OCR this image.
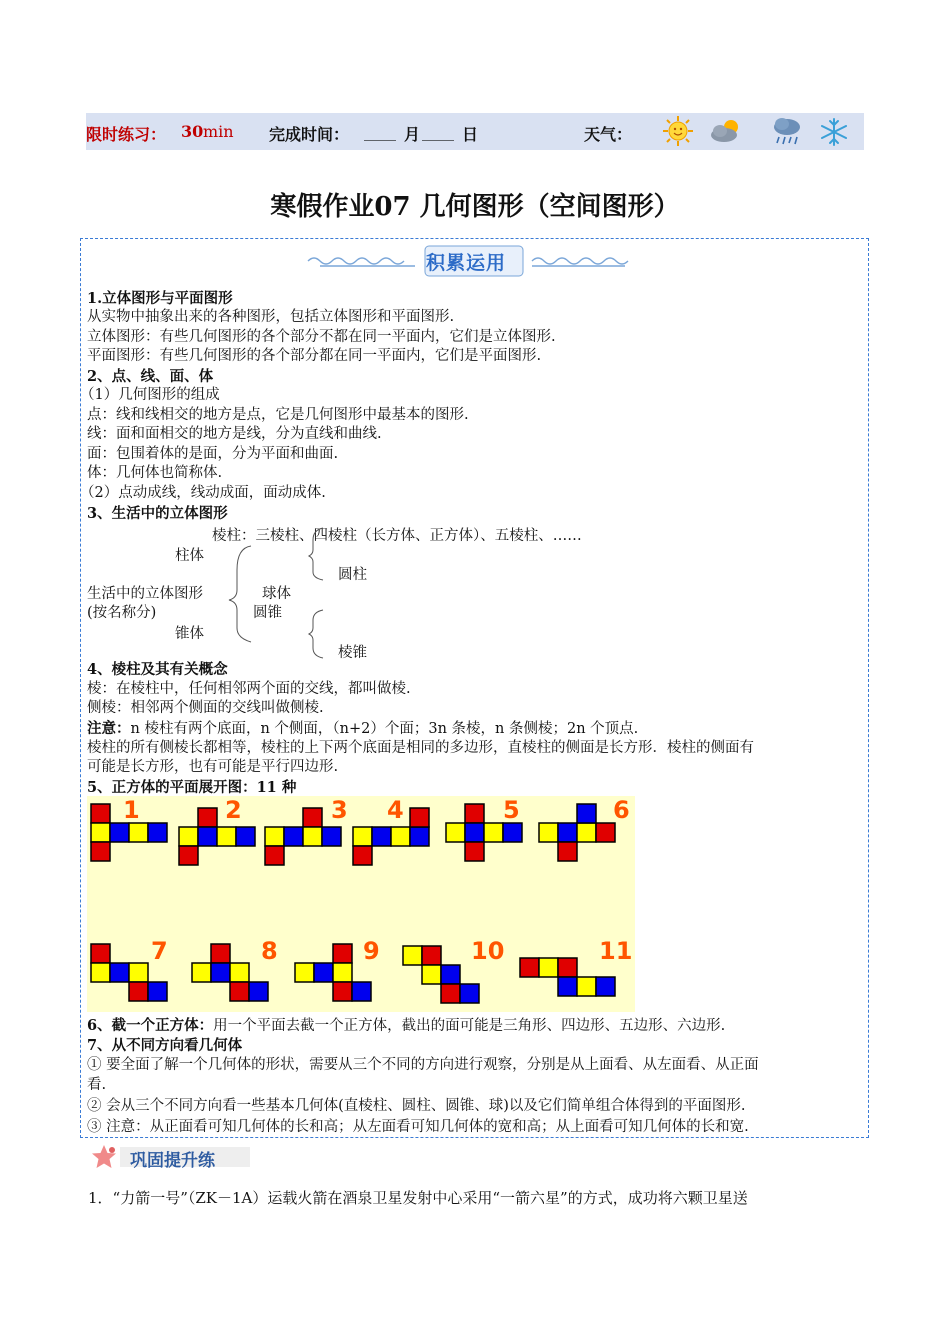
限时练习： 30 min 完成时间： ____ 月 ____ 日	天气：
寒假作业07 几何图形（空间图形）
积累运用
1.立体图形与平面图形
从实物中抽象出来的各种图形，包括立体图形和平面图形.
立体图形：有些几何图形的各个部分不都在同一平面内，它们是立体图形.
平面图形：有些几何图形的各个部分都在同一平面内，它们是平面图形.
2、点、线、面、体
（1）几何图形的组成
点：线和线相交的地方是点，它是几何图形中最基本的图形.
线：面和面相交的地方是线，分为直线和曲线.
面：包围着体的是面，分为平面和曲面.
体：几何体也简称体.
（2）点动成线，线动成面，面动成体.
3、生活中的立体图形
棱柱：三棱柱、四棱柱（长方体、正方体）、五棱柱、……
柱体
圆柱
生活中的立体图形	球体
(按名称分)	圆锥
锥体
棱锥
4、棱柱及其有关概念
棱：在棱柱中，任何相邻两个面的交线，都叫做棱.
侧棱：相邻两个侧面的交线叫做侧棱.
注意：n 棱柱有两个底面，n 个侧面，（n+2）个面；3n 条棱，n 条侧棱；2n 个顶点.
棱柱的所有侧棱长都相等，棱柱的上下两个底面是相同的多边形，直棱柱的侧面是长方形．棱柱的侧面有
可能是长方形，也有可能是平行四边形.
5、正方体的平面展开图：11 种
1	2	3 4	5	6
7	8	9	10	11
6、截一个正方体：用一个平面去截一个正方体，截出的面可能是三角形、四边形、五边形、六边形.
7、从不同方向看几何体
① 要全面了解一个几何体的形状，需要从三个不同的方向进行观察，分别是从上面看、从左面看、从正面
看.
② 会从三个不同方向看一些基本几何体(直棱柱、圆柱、圆锥、球)以及它们简单组合体得到的平面图形.
③ 注意：从正面看可知几何体的长和高；从左面看可知几何体的宽和高；从上面看可知几何体的长和宽.
巩固提升练
1．“力箭一号”（ZK－1A）运载火箭在酒泉卫星发射中心采用“一箭六星”的方式，成功将六颗卫星送
